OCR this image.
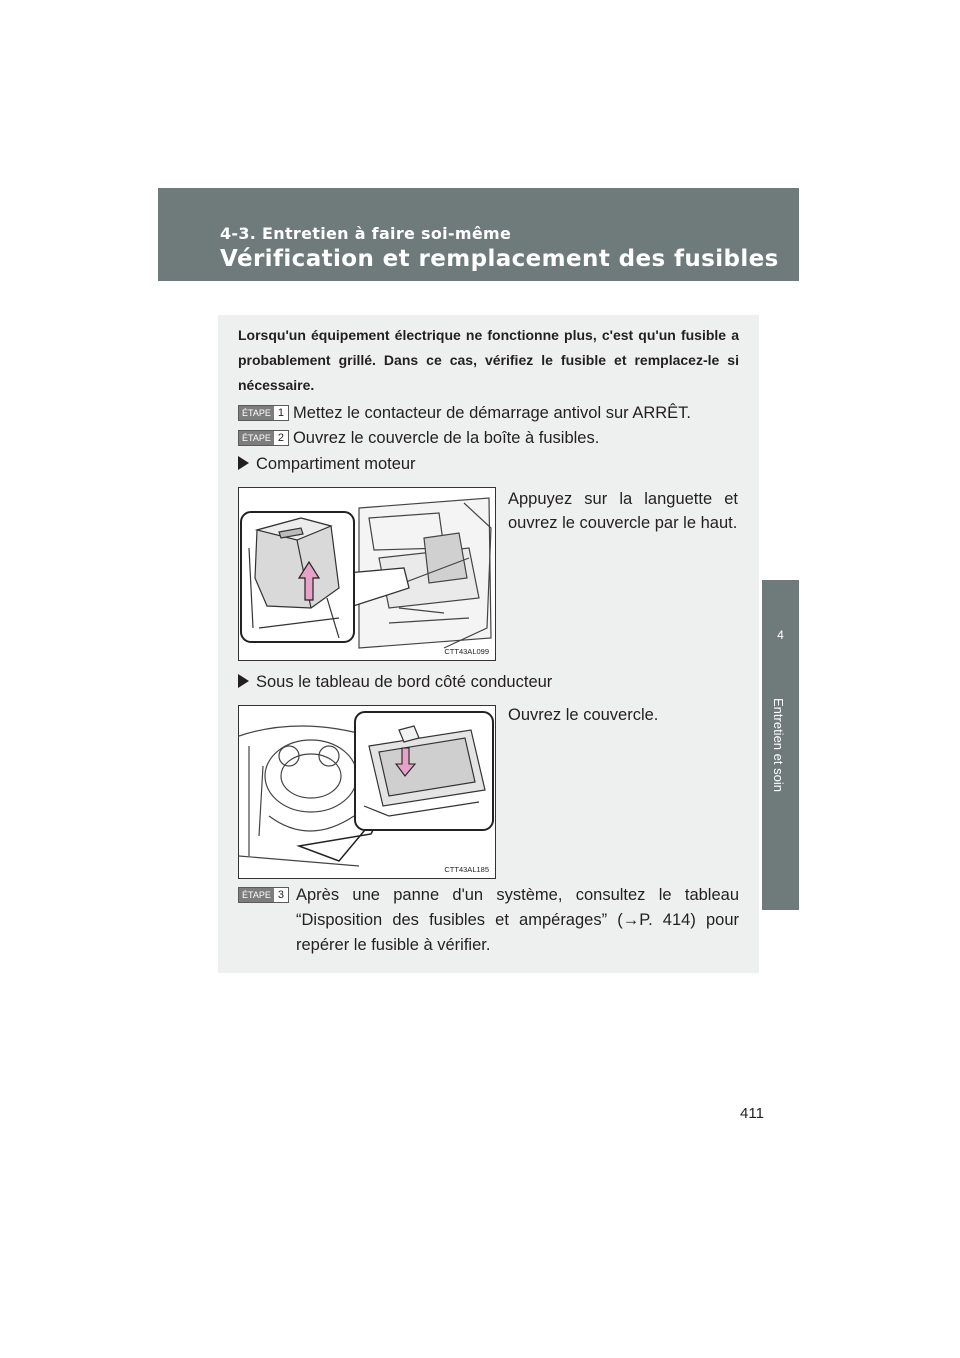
4-3. Entretien à faire soi-même
Vérification et remplacement des fusibles
4
Entretien et soin
Lorsqu'un équipement électrique ne fonctionne plus, c'est qu'un fusible a probablement grillé. Dans ce cas, vérifiez le fusible et remplacez-le si nécessaire.
ÉTAPE 1 Mettez le contacteur de démarrage antivol sur ARRÊT.
ÉTAPE 2 Ouvrez le couvercle de la boîte à fusibles.
Compartiment moteur
CTT43AL099
Appuyez sur la languette et ouvrez le couvercle par le haut.
Sous le tableau de bord côté conducteur
CTT43AL185
Ouvrez le couvercle.
ÉTAPE 3 Après une panne d'un système, consultez le tableau “Disposition des fusibles et ampérages” (→P. 414) pour repérer le fusible à vérifier.
411
